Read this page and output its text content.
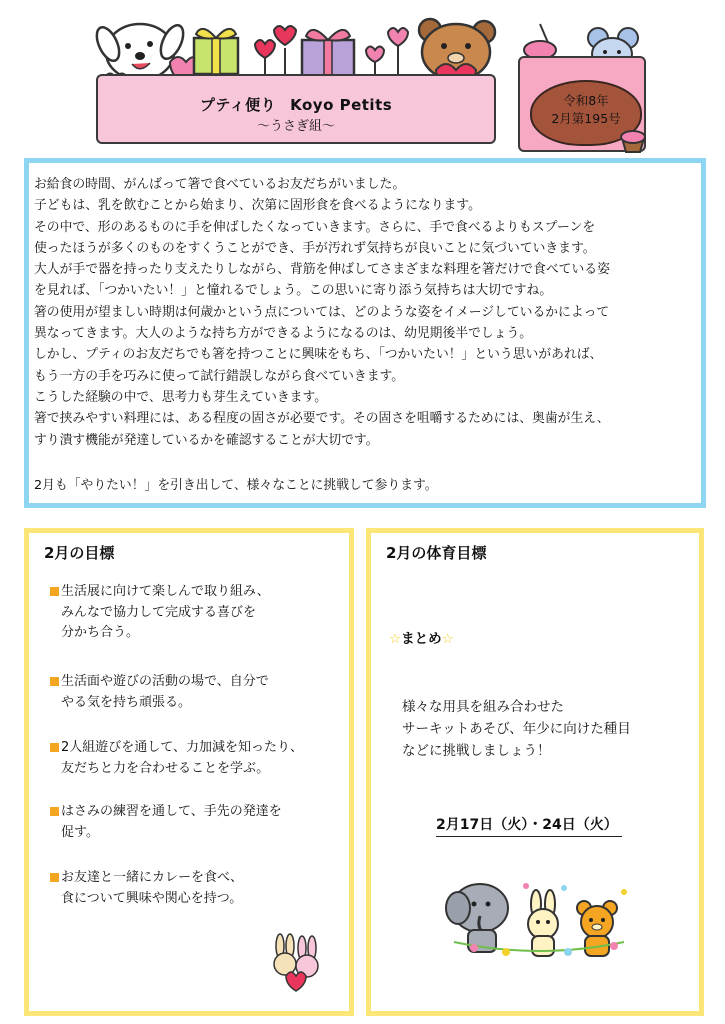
プティ便り Koyo Petits
〜うさぎ組〜
令和8年
2月第195号

お給食の時間、がんばって箸で食べているお友だちがいました。

子どもは、乳を飲むことから始まり、次第に固形食を食べるようになります。

その中で、形のあるものに手を伸ばしたくなっていきます。さらに、手で食べるよりもスプーンを

使ったほうが多くのものをすくうことができ、手が汚れず気持ちが良いことに気づいていきます。

大人が手で器を持ったり支えたりしながら、背筋を伸ばしてさまざまな料理を箸だけで食べている姿

を見れば、「つかいたい！」と憧れるでしょう。この思いに寄り添う気持ちは大切ですね。

箸の使用が望ましい時期は何歳かという点については、どのような姿をイメージしているかによって

異なってきます。大人のような持ち方ができるようになるのは、幼児期後半でしょう。

しかし、プティのお友だちでも箸を持つことに興味をもち、「つかいたい！」という思いがあれば、

もう一方の手を巧みに使って試行錯誤しながら食べていきます。

こうした経験の中で、思考力も芽生えていきます。

箸で挟みやすい料理には、ある程度の固さが必要です。その固さを咀嚼するためには、奥歯が生え、

すり潰す機能が発達しているかを確認することが大切です。

2月も「やりたい！」を引き出して、様々なことに挑戦して参ります。
2月の目標
生活展に向けて楽しんで取り組み、
みんなで協力して完成する喜びを
分かち合う。
生活面や遊びの活動の場で、自分で
やる気を持ち頑張る。
2人組遊びを通して、力加減を知ったり、
友だちと力を合わせることを学ぶ。
はさみの練習を通して、手先の発達を
促す。
お友達と一緒にカレーを食べ、
食について興味や関心を持つ。
2月の体育目標
☆まとめ☆
様々な用具を組み合わせた
サーキットあそび、年少に向けた種目
などに挑戦しましょう！
2月17日（火）・24日（火）
